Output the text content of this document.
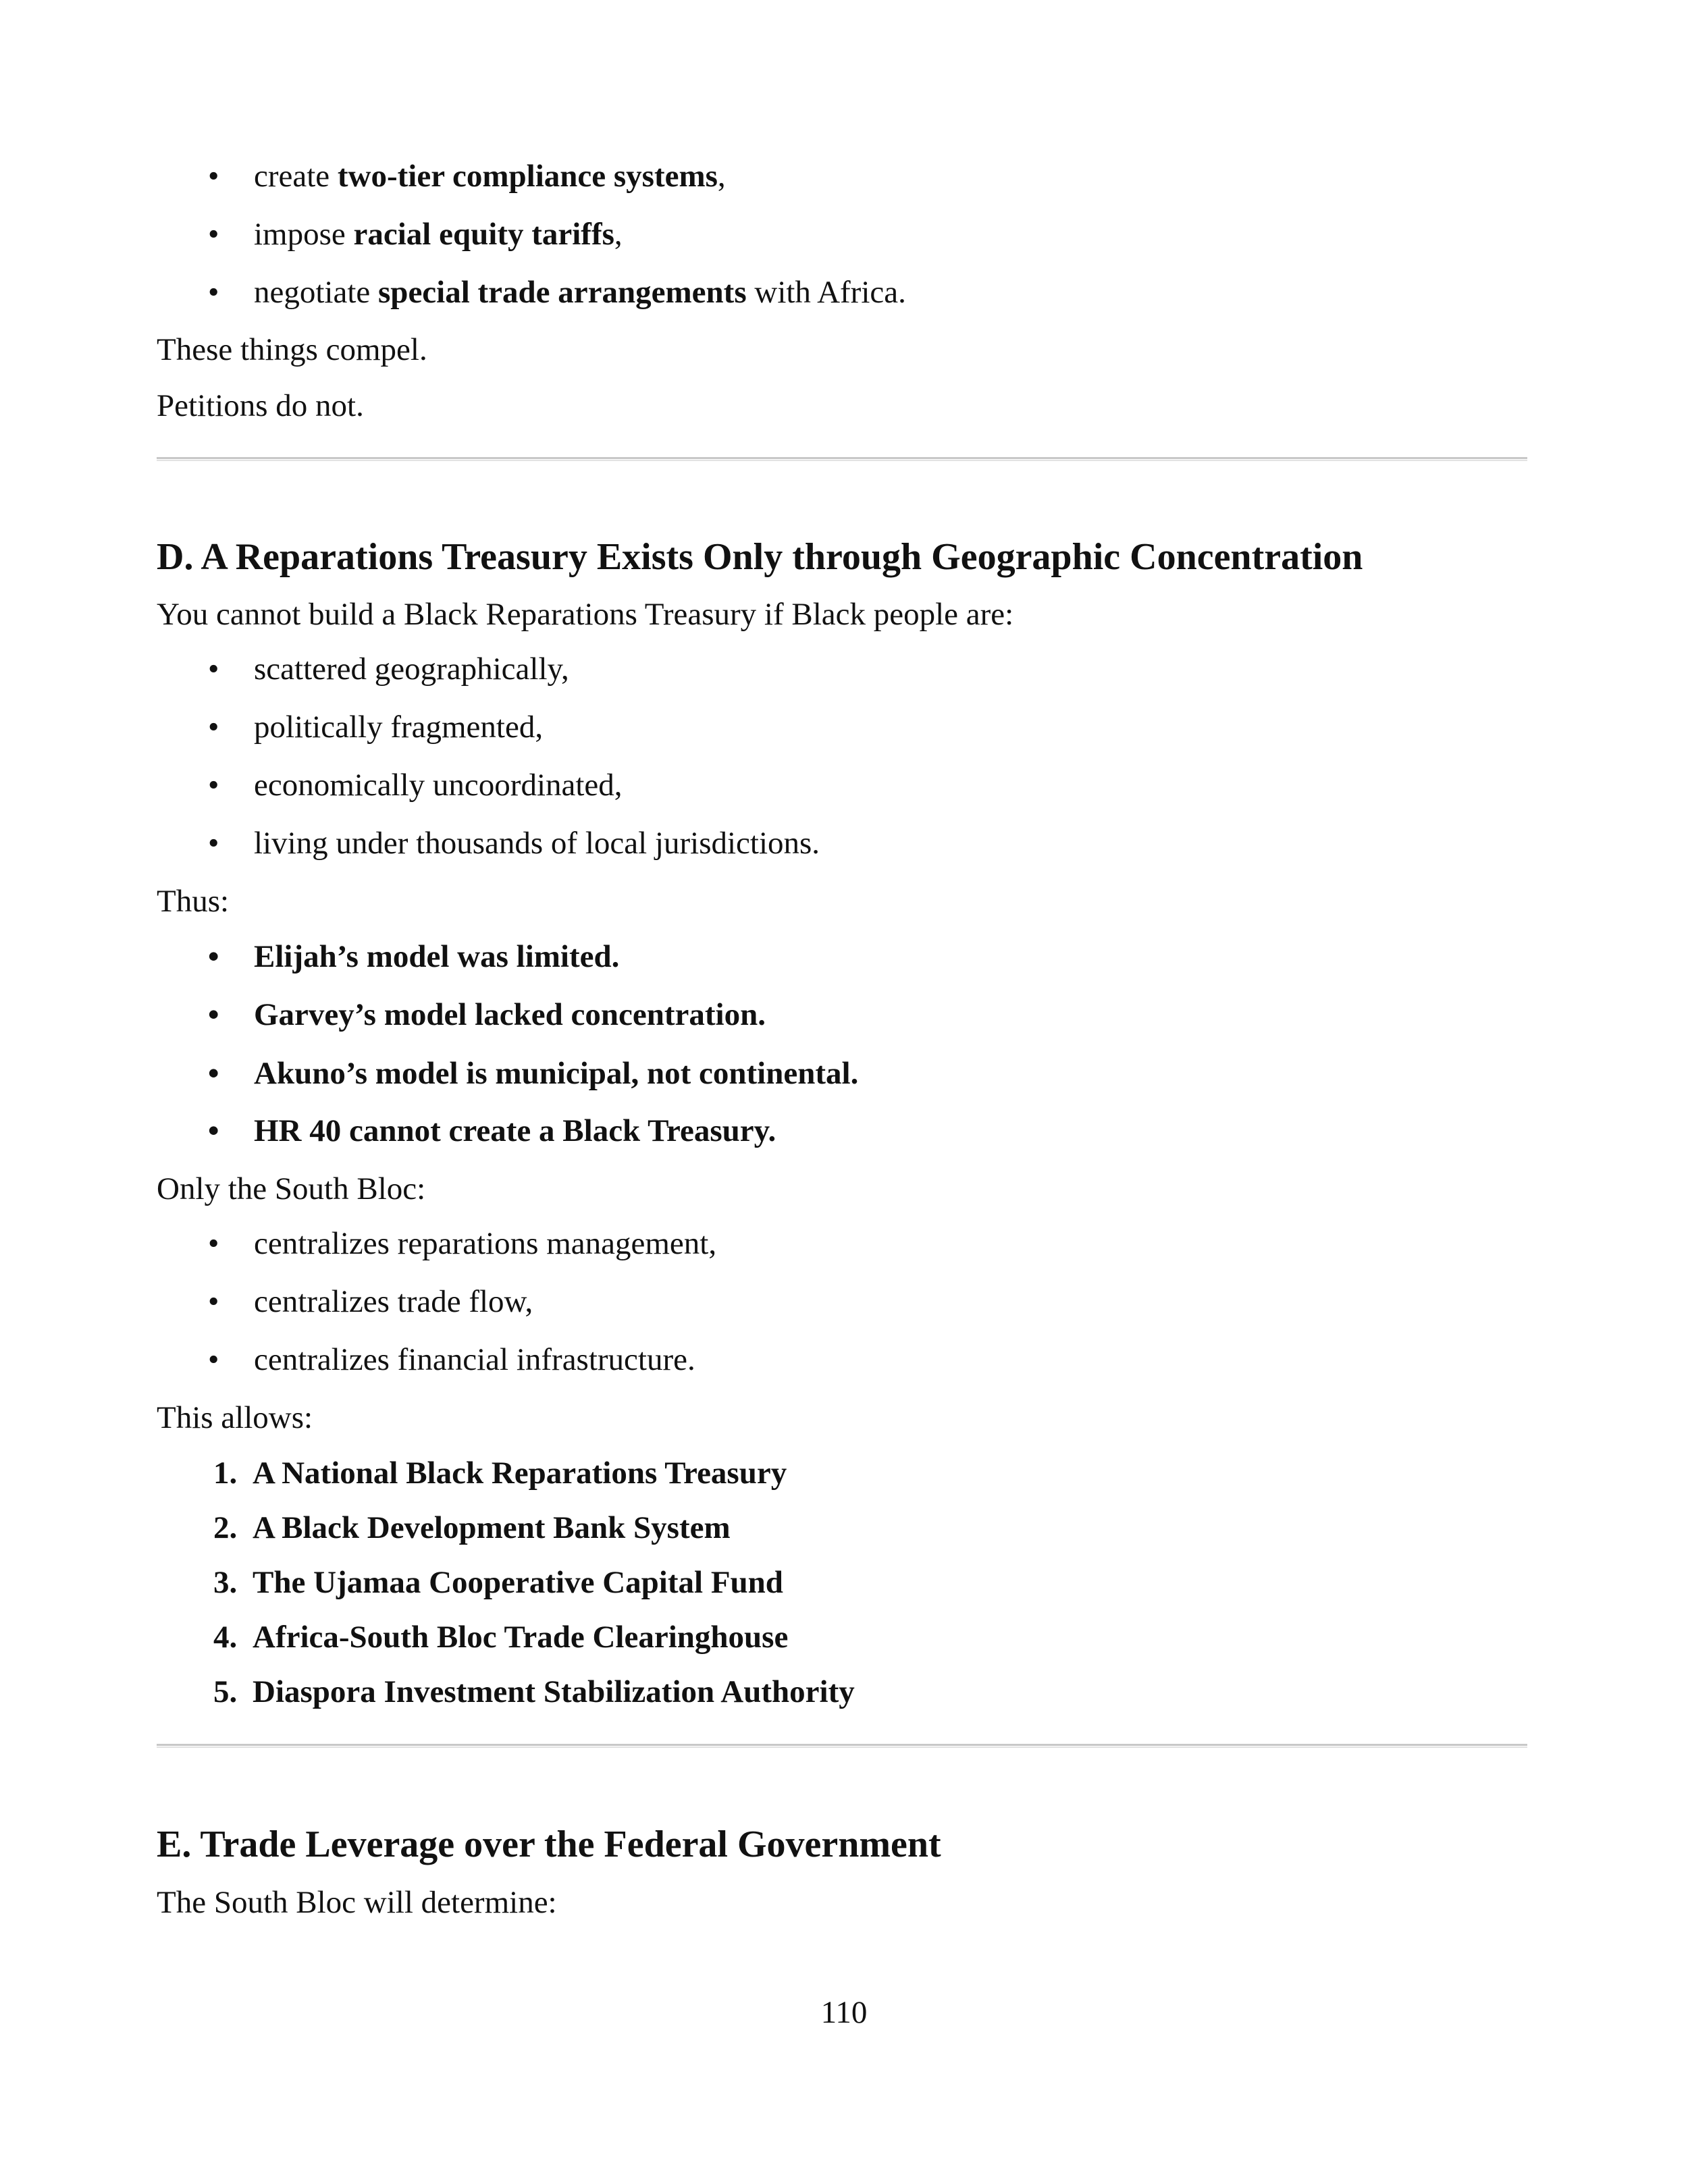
• create two-tier compliance systems,
• impose racial equity tariffs,
• negotiate special trade arrangements with Africa.
These things compel.
Petitions do not.
D. A Reparations Treasury Exists Only through Geographic Concentration
You cannot build a Black Reparations Treasury if Black people are:
• scattered geographically,
• politically fragmented,
• economically uncoordinated,
• living under thousands of local jurisdictions.
Thus:
• Elijah’s model was limited.
• Garvey’s model lacked concentration.
• Akuno’s model is municipal, not continental.
• HR 40 cannot create a Black Treasury.
Only the South Bloc:
• centralizes reparations management,
• centralizes trade flow,
• centralizes financial infrastructure.
This allows:
1. A National Black Reparations Treasury
2. A Black Development Bank System
3. The Ujamaa Cooperative Capital Fund
4. Africa-South Bloc Trade Clearinghouse
5. Diaspora Investment Stabilization Authority
E. Trade Leverage over the Federal Government
The South Bloc will determine:
110
